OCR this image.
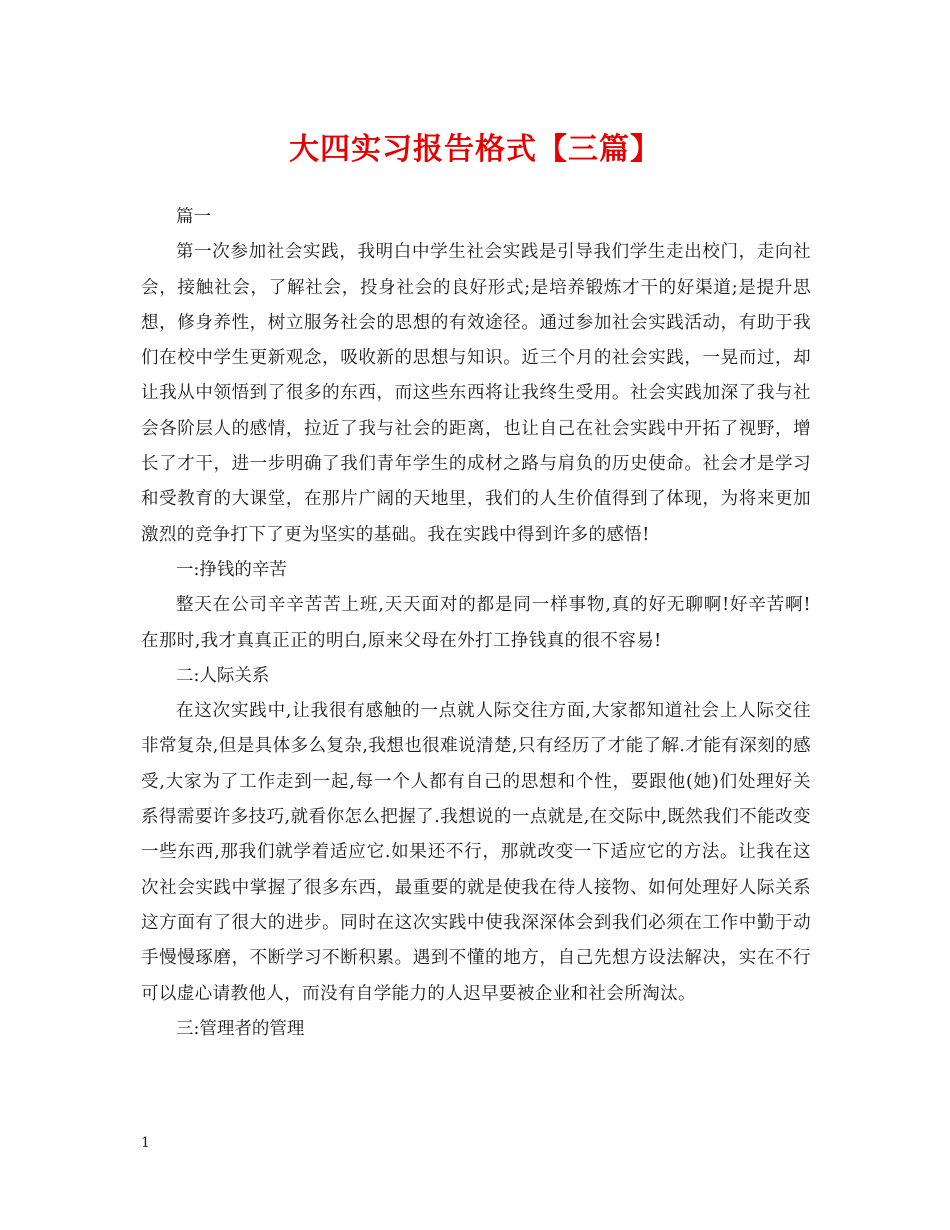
大四实习报告格式【三篇】

篇一

第一次参加社会实践，我明白中学生社会实践是引导我们学生走出校门，走向社会，接触社会，了解社会，投身社会的良好形式;是培养锻炼才干的好渠道;是提升思想，修身养性，树立服务社会的思想的有效途径。通过参加社会实践活动，有助于我们在校中学生更新观念，吸收新的思想与知识。近三个月的社会实践，一晃而过，却让我从中领悟到了很多的东西，而这些东西将让我终生受用。社会实践加深了我与社会各阶层人的感情，拉近了我与社会的距离，也让自己在社会实践中开拓了视野，增长了才干，进一步明确了我们青年学生的成材之路与肩负的历史使命。社会才是学习和受教育的大课堂，在那片广阔的天地里，我们的人生价值得到了体现，为将来更加激烈的竞争打下了更为坚实的基础。我在实践中得到许多的感悟!

一:挣钱的辛苦

整天在公司辛辛苦苦上班,天天面对的都是同一样事物,真的好无聊啊!好辛苦啊!在那时,我才真真正正的明白,原来父母在外打工挣钱真的很不容易!

二:人际关系

在这次实践中,让我很有感触的一点就人际交往方面,大家都知道社会上人际交往非常复杂,但是具体多么复杂,我想也很难说清楚,只有经历了才能了解.才能有深刻的感受,大家为了工作走到一起,每一个人都有自己的思想和个性，要跟他(她)们处理好关系得需要许多技巧,就看你怎么把握了.我想说的一点就是,在交际中,既然我们不能改变一些东西,那我们就学着适应它.如果还不行，那就改变一下适应它的方法。让我在这次社会实践中掌握了很多东西，最重要的就是使我在待人接物、如何处理好人际关系这方面有了很大的进步。同时在这次实践中使我深深体会到我们必须在工作中勤于动手慢慢琢磨，不断学习不断积累。遇到不懂的地方，自己先想方设法解决，实在不行可以虚心请教他人，而没有自学能力的人迟早要被企业和社会所淘汰。

三:管理者的管理

1
